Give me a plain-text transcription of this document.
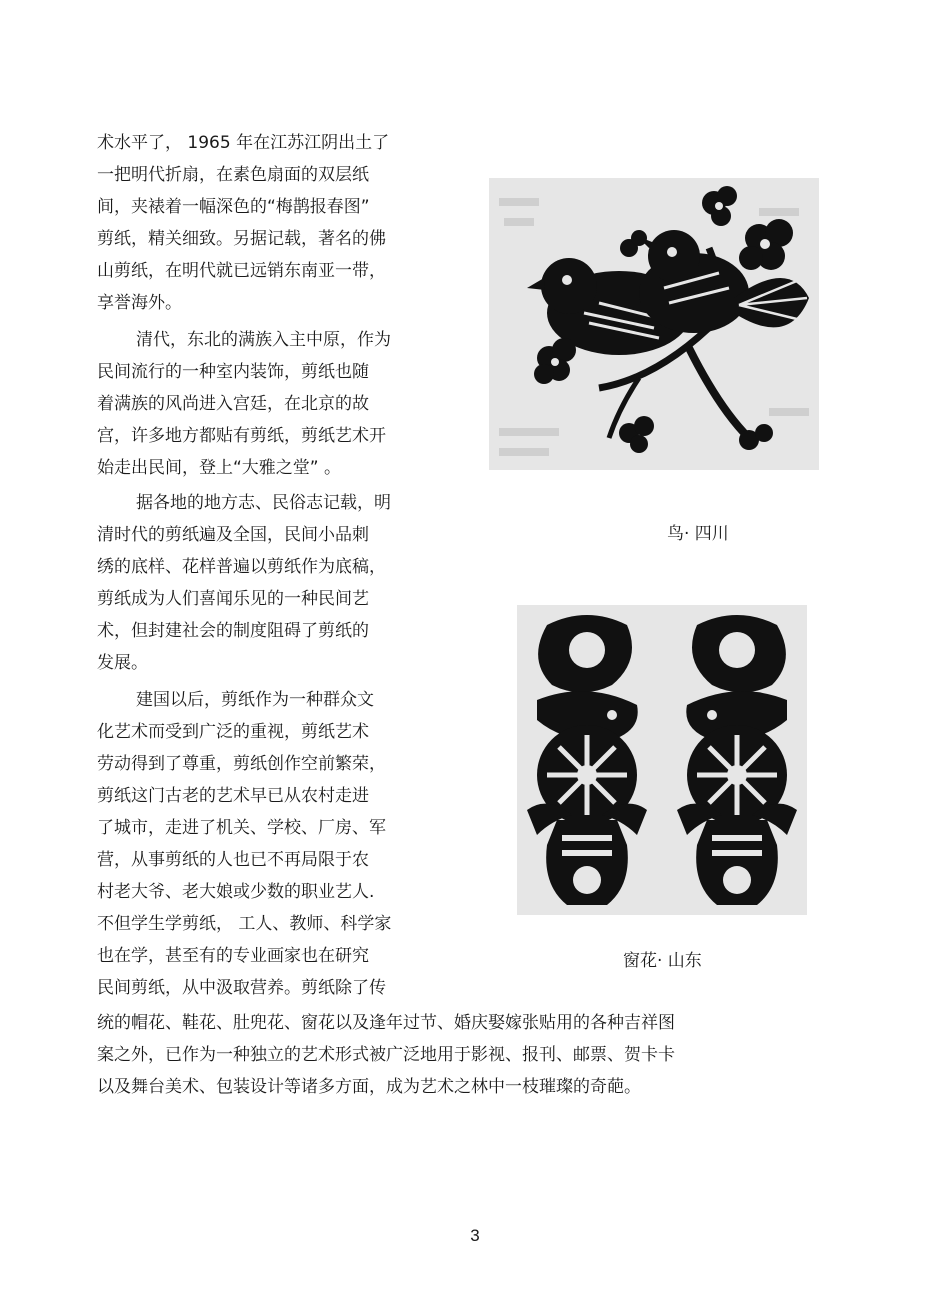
术水平了， 1965 年在江苏江阴出土了
一把明代折扇，在素色扇面的双层纸
间，夹裱着一幅深色的“梅鹊报春图”
剪纸，精关细致。另据记载，著名的佛
山剪纸，在明代就已远销东南亚一带，
享誉海外。
清代，东北的满族入主中原，作为
民间流行的一种室内装饰，剪纸也随
着满族的风尚进入宫廷，在北京的故
宫，许多地方都贴有剪纸，剪纸艺术开
始走出民间，登上“大雅之堂” 。
据各地的地方志、民俗志记载，明
清时代的剪纸遍及全国，民间小品刺
绣的底样、花样普遍以剪纸作为底稿，
剪纸成为人们喜闻乐见的一种民间艺
术，但封建社会的制度阻碍了剪纸的
发展。
建国以后，剪纸作为一种群众文
化艺术而受到广泛的重视，剪纸艺术
劳动得到了尊重，剪纸创作空前繁荣，
剪纸这门古老的艺术早已从农村走进
了城市，走进了机关、学校、厂房、军
营，从事剪纸的人也已不再局限于农
村老大爷、老大娘或少数的职业艺人.
不但学生学剪纸， 工人、教师、科学家
也在学，甚至有的专业画家也在研究
民间剪纸，从中汲取营养。剪纸除了传
统的帽花、鞋花、肚兜花、窗花以及逢年过节、婚庆娶嫁张贴用的各种吉祥图
案之外，已作为一种独立的艺术形式被广泛地用于影视、报刊、邮票、贺卡卡
以及舞台美术、包装设计等诸多方面，成为艺术之林中一枝璀璨的奇葩。
鸟· 四川
窗花· 山东
3
